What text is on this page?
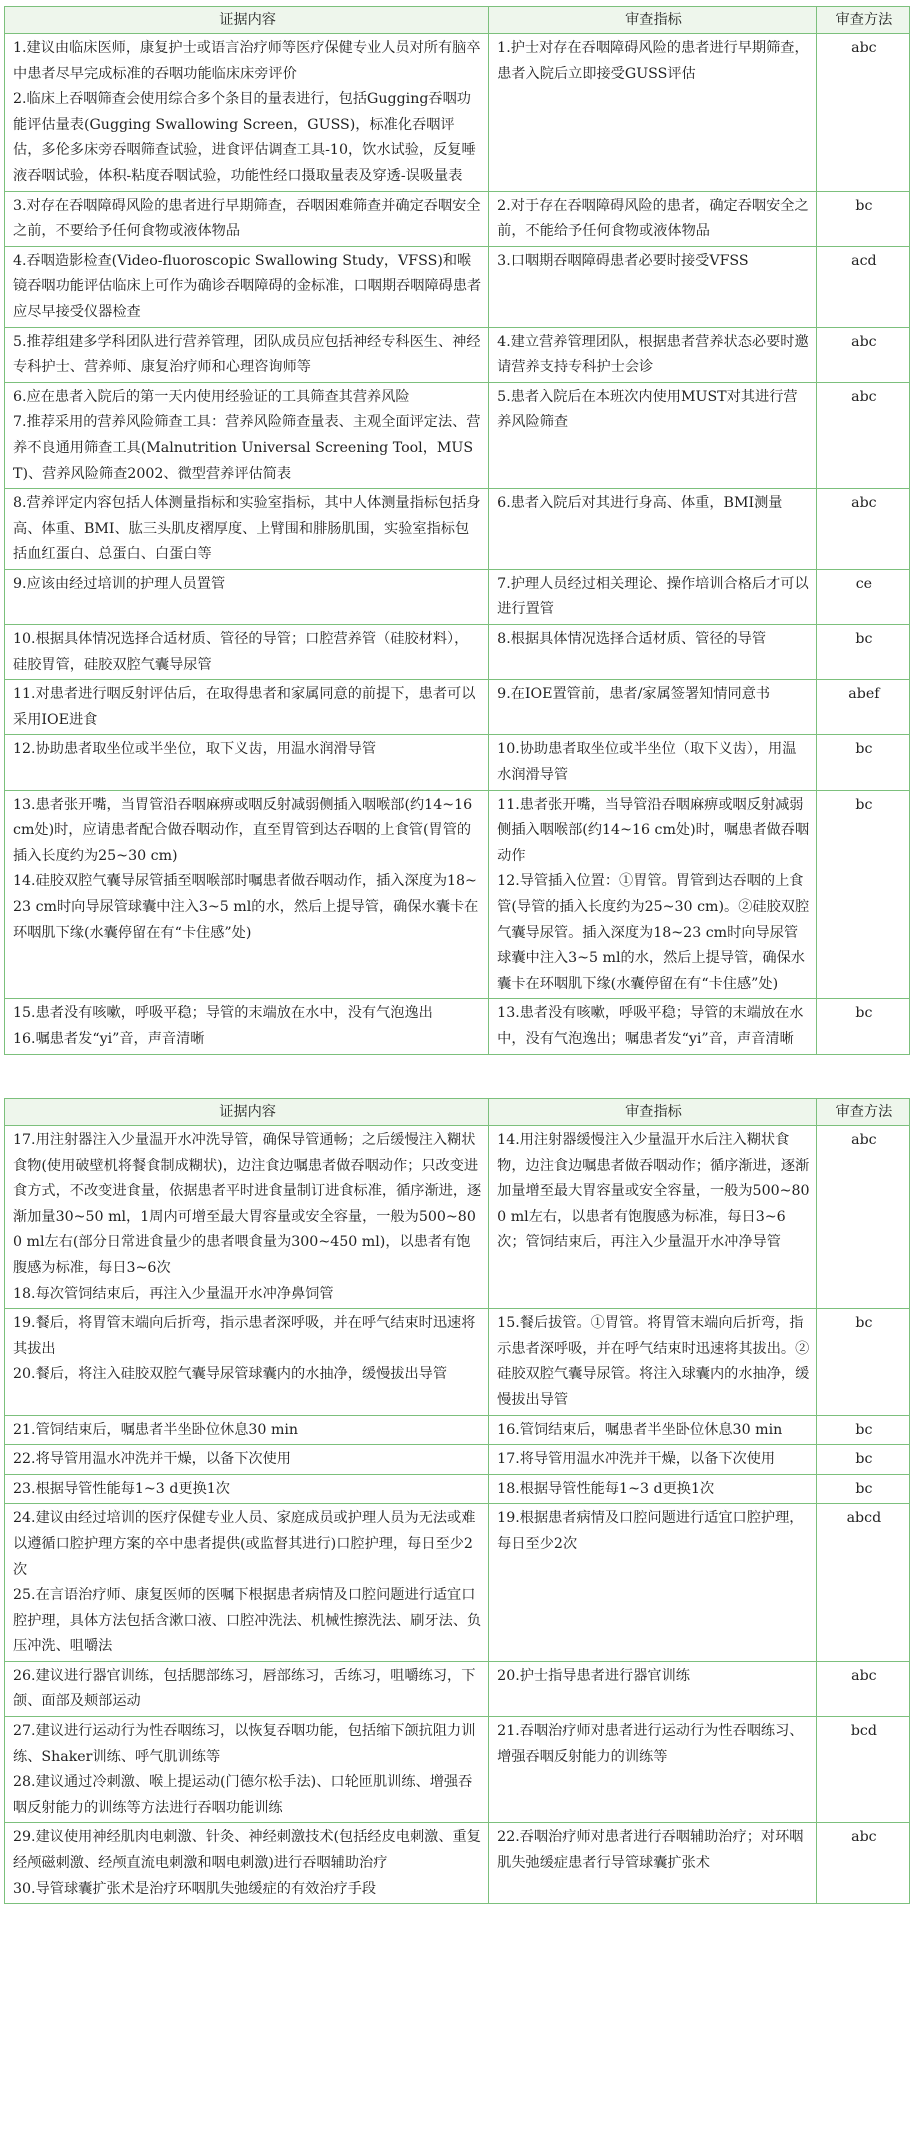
证据内容	审查指标	审查方法

1.建议由临床医师，康复护士或语言治疗师等医疗保健专业人员对所有脑卒中患者尽早完成标准的吞咽功能临床床旁评价
2.临床上吞咽筛查会使用综合多个条目的量表进行，包括Gugging吞咽功能评估量表(Gugging Swallowing Screen，GUSS)，标准化吞咽评估，多伦多床旁吞咽筛查试验，进食评估调查工具-10，饮水试验，反复唾液吞咽试验，体积-粘度吞咽试验，功能性经口摄取量表及穿透-误吸量表	1.护士对存在吞咽障碍风险的患者进行早期筛查，患者入院后立即接受GUSS评估	abc

3.对存在吞咽障碍风险的患者进行早期筛查，吞咽困难筛查并确定吞咽安全之前，不要给予任何食物或液体物品	2.对于存在吞咽障碍风险的患者，确定吞咽安全之前，不能给予任何食物或液体物品	bc

4.吞咽造影检查(Video-fluoroscopic Swallowing Study，VFSS)和喉镜吞咽功能评估临床上可作为确诊吞咽障碍的金标准，口咽期吞咽障碍患者应尽早接受仪器检查	3.口咽期吞咽障碍患者必要时接受VFSS	acd

5.推荐组建多学科团队进行营养管理，团队成员应包括神经专科医生、神经专科护士、营养师、康复治疗师和心理咨询师等	4.建立营养管理团队，根据患者营养状态必要时邀请营养支持专科护士会诊	abc

6.应在患者入院后的第一天内使用经验证的工具筛查其营养风险
7.推荐采用的营养风险筛查工具：营养风险筛查量表、主观全面评定法、营养不良通用筛查工具(Malnutrition Universal Screening Tool，MUST)、营养风险筛查2002、微型营养评估简表	5.患者入院后在本班次内使用MUST对其进行营养风险筛查	abc

8.营养评定内容包括人体测量指标和实验室指标，其中人体测量指标包括身高、体重、BMI、肱三头肌皮褶厚度、上臂围和腓肠肌围，实验室指标包括血红蛋白、总蛋白、白蛋白等	6.患者入院后对其进行身高、体重，BMI测量	abc

9.应该由经过培训的护理人员置管	7.护理人员经过相关理论、操作培训合格后才可以进行置管	ce

10.根据具体情况选择合适材质、管径的导管；口腔营养管（硅胶材料），硅胶胃管，硅胶双腔气囊导尿管	8.根据具体情况选择合适材质、管径的导管	bc

11.对患者进行咽反射评估后，在取得患者和家属同意的前提下，患者可以采用IOE进食	9.在IOE置管前，患者/家属签署知情同意书	abef

12.协助患者取坐位或半坐位，取下义齿，用温水润滑导管	10.协助患者取坐位或半坐位（取下义齿），用温水润滑导管	bc

13.患者张开嘴，当胃管沿吞咽麻痹或咽反射减弱侧插入咽喉部(约14~16 cm处)时，应请患者配合做吞咽动作，直至胃管到达吞咽的上食管(胃管的插入长度约为25~30 cm)
14.硅胶双腔气囊导尿管插至咽喉部时嘱患者做吞咽动作，插入深度为18~23 cm时向导尿管球囊中注入3~5 ml的水，然后上提导管，确保水囊卡在环咽肌下缘(水囊停留在有“卡住感”处)	11.患者张开嘴，当导管沿吞咽麻痹或咽反射减弱侧插入咽喉部(约14~16 cm处)时，嘱患者做吞咽动作
12.导管插入位置：①胃管。胃管到达吞咽的上食管(导管的插入长度约为25~30 cm)。②硅胶双腔气囊导尿管。插入深度为18~23 cm时向导尿管球囊中注入3~5 ml的水，然后上提导管，确保水囊卡在环咽肌下缘(水囊停留在有“卡住感”处)	bc

15.患者没有咳嗽，呼吸平稳；导管的末端放在水中，没有气泡逸出
16.嘱患者发“yi”音，声音清晰	13.患者没有咳嗽，呼吸平稳；导管的末端放在水中，没有气泡逸出；嘱患者发“yi”音，声音清晰	bc
证据内容	审查指标	审查方法

17.用注射器注入少量温开水冲洗导管，确保导管通畅；之后缓慢注入糊状食物(使用破壁机将餐食制成糊状)，边注食边嘱患者做吞咽动作；只改变进食方式，不改变进食量，依据患者平时进食量制订进食标准，循序渐进，逐渐加量30~50 ml，1周内可增至最大胃容量或安全容量，一般为500~800 ml左右(部分日常进食量少的患者喂食量为300~450 ml)，以患者有饱腹感为标准，每日3~6次
18.每次管饲结束后，再注入少量温开水冲净鼻饲管	14.用注射器缓慢注入少量温开水后注入糊状食物，边注食边嘱患者做吞咽动作；循序渐进，逐渐加量增至最大胃容量或安全容量，一般为500~800 ml左右，以患者有饱腹感为标准，每日3~6次；管饲结束后，再注入少量温开水冲净导管	abc

19.餐后，将胃管末端向后折弯，指示患者深呼吸，并在呼气结束时迅速将其拔出
20.餐后，将注入硅胶双腔气囊导尿管球囊内的水抽净，缓慢拔出导管	15.餐后拔管。①胃管。将胃管末端向后折弯，指示患者深呼吸，并在呼气结束时迅速将其拔出。②硅胶双腔气囊导尿管。将注入球囊内的水抽净，缓慢拔出导管	bc

21.管饲结束后，嘱患者半坐卧位休息30 min	16.管饲结束后，嘱患者半坐卧位休息30 min	bc

22.将导管用温水冲洗并干燥，以备下次使用	17.将导管用温水冲洗并干燥，以备下次使用	bc

23.根据导管性能每1~3 d更换1次	18.根据导管性能每1~3 d更换1次	bc

24.建议由经过培训的医疗保健专业人员、家庭成员或护理人员为无法或难以遵循口腔护理方案的卒中患者提供(或监督其进行)口腔护理，每日至少2次
25.在言语治疗师、康复医师的医嘱下根据患者病情及口腔问题进行适宜口腔护理，具体方法包括含漱口液、口腔冲洗法、机械性擦洗法、刷牙法、负压冲洗、咀嚼法	19.根据患者病情及口腔问题进行适宜口腔护理，每日至少2次	abcd

26.建议进行器官训练，包括腮部练习，唇部练习，舌练习，咀嚼练习，下颌、面部及颊部运动	20.护士指导患者进行器官训练	abc

27.建议进行运动行为性吞咽练习，以恢复吞咽功能，包括缩下颌抗阻力训练、Shaker训练、呼气肌训练等
28.建议通过冷刺激、喉上提运动(门德尔松手法)、口轮匝肌训练、增强吞咽反射能力的训练等方法进行吞咽功能训练	21.吞咽治疗师对患者进行运动行为性吞咽练习、增强吞咽反射能力的训练等	bcd

29.建议使用神经肌肉电刺激、针灸、神经刺激技术(包括经皮电刺激、重复经颅磁刺激、经颅直流电刺激和咽电刺激)进行吞咽辅助治疗
30.导管球囊扩张术是治疗环咽肌失弛缓症的有效治疗手段	22.吞咽治疗师对患者进行吞咽辅助治疗；对环咽肌失弛缓症患者行导管球囊扩张术	abc
